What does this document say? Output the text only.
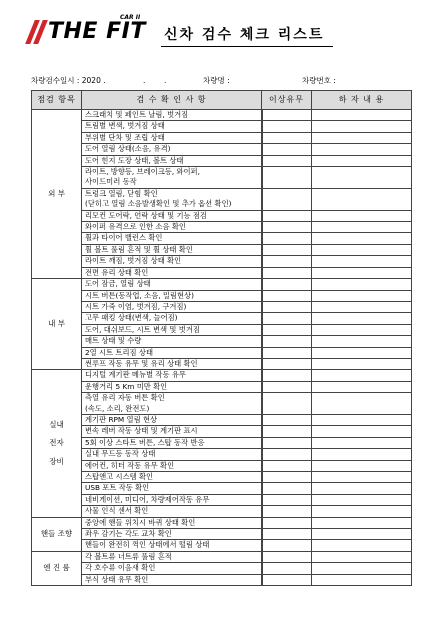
THE FIT
CAR II
신차 검수 체크 리스트
차량검수일시 : 2020 .	. .	차량명 :	차량번호 :
점검 항목	검 수 확 인 사 항	이상유무	하 자 내 용

외 부	스크래치 및 페인트 날림, 벗겨짐		
	트림별 변색, 벗겨짐 상태		
	부위별 단차 및 조립 상태		
	도어 열림 상태(소음, 유격)		
	도어 힌지 도장 상태, 볼트 상태		
	라이트, 방향등, 브레이크등, 와이퍼,
사이드미러 동작		
	트렁크 열림, 닫힘 확인
(닫히고 열림 소음발생확인 및 추가 옵션 확인)		
	리모컨 도어락, 언락 상태 및 기능 점검		
	와이퍼 유격으로 인한 소음 확인		
	휠과 타이어 밸런스 확인		
	휠 볼트 풀림 흔적 및 휠 상태 확인		
	라이트 깨짐, 벗겨짐 상태 확인		
	전면 유리 상태 확인		

내 부	도어 잠금, 열림 상태		
	시트 버튼(동작업, 소음, 밀림현상)		
	시트 가죽 이염, 벗겨짐, 구겨짐)		
	고무 패킹 상태(변색, 늘어짐)		
	도어, 대쉬보드, 시트 변색 및 벗겨짐		
	매트 상태 및 수량		
	2열 시트 트리짐 상태		
	썬루프 작동 유무 및 유리 상태 확인		

실내
전자
장비	디지털 계기판 메뉴별 작동 유무		
	운행거리 5 Km 미만 확인		
	측열 유리 자동 버튼 확인
(속도, 소리, 완전도)		
	계기판 RPM 열림 현상		
	변속 레버 작동 상태 및 계기판 표시		
	5회 이상 스타트 버튼, 스탑 동작 반응		
	실내 무드등 동작 상태		
	에어컨, 히터 작동 유무 확인		
	스탑앤고 시스템 확인		
	USB 포트 작동 확인		
	네비게이션, 미디어, 차량제어작동 유무		
	사물 인식 센서 확인		

핸들 조향	중앙에 핸들 위치시 바퀴 상태 확인		
	좌우 감기는 각도 교차 확인		
	핸들이 완전히 꺽인 상태에서 떨림 상태		

엔 진 룸	각 볼트류 너트류 풀림 흔적		
	각 호수류 이음새 확인		
	부식 상태 유무 확인		
